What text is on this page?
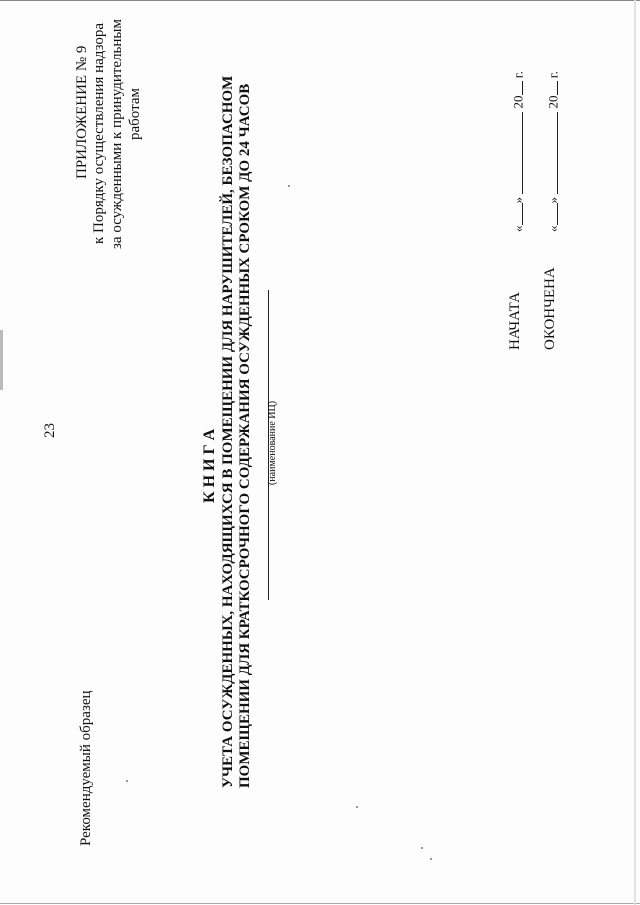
23
ПРИЛОЖЕНИЕ № 9 к Порядку осуществления надзора за осужденными к принудительным работам
Рекомендуемый образец
К Н И Г А УЧЕТА ОСУЖДЕННЫХ, НАХОДЯЩИХСЯ В ПОМЕЩЕНИИ ДЛЯ НАРУШИТЕЛЕЙ, БЕЗОПАСНОМ ПОМЕЩЕНИИ ДЛЯ КРАТКОСРОЧНОГО СОДЕРЖАНИЯ ОСУЖДЕННЫХ СРОКОМ ДО 24 ЧАСОВ (наименование ИЦ)
НАЧАТА
«»  20 г.
ОКОНЧЕНА
«»  20 г.
